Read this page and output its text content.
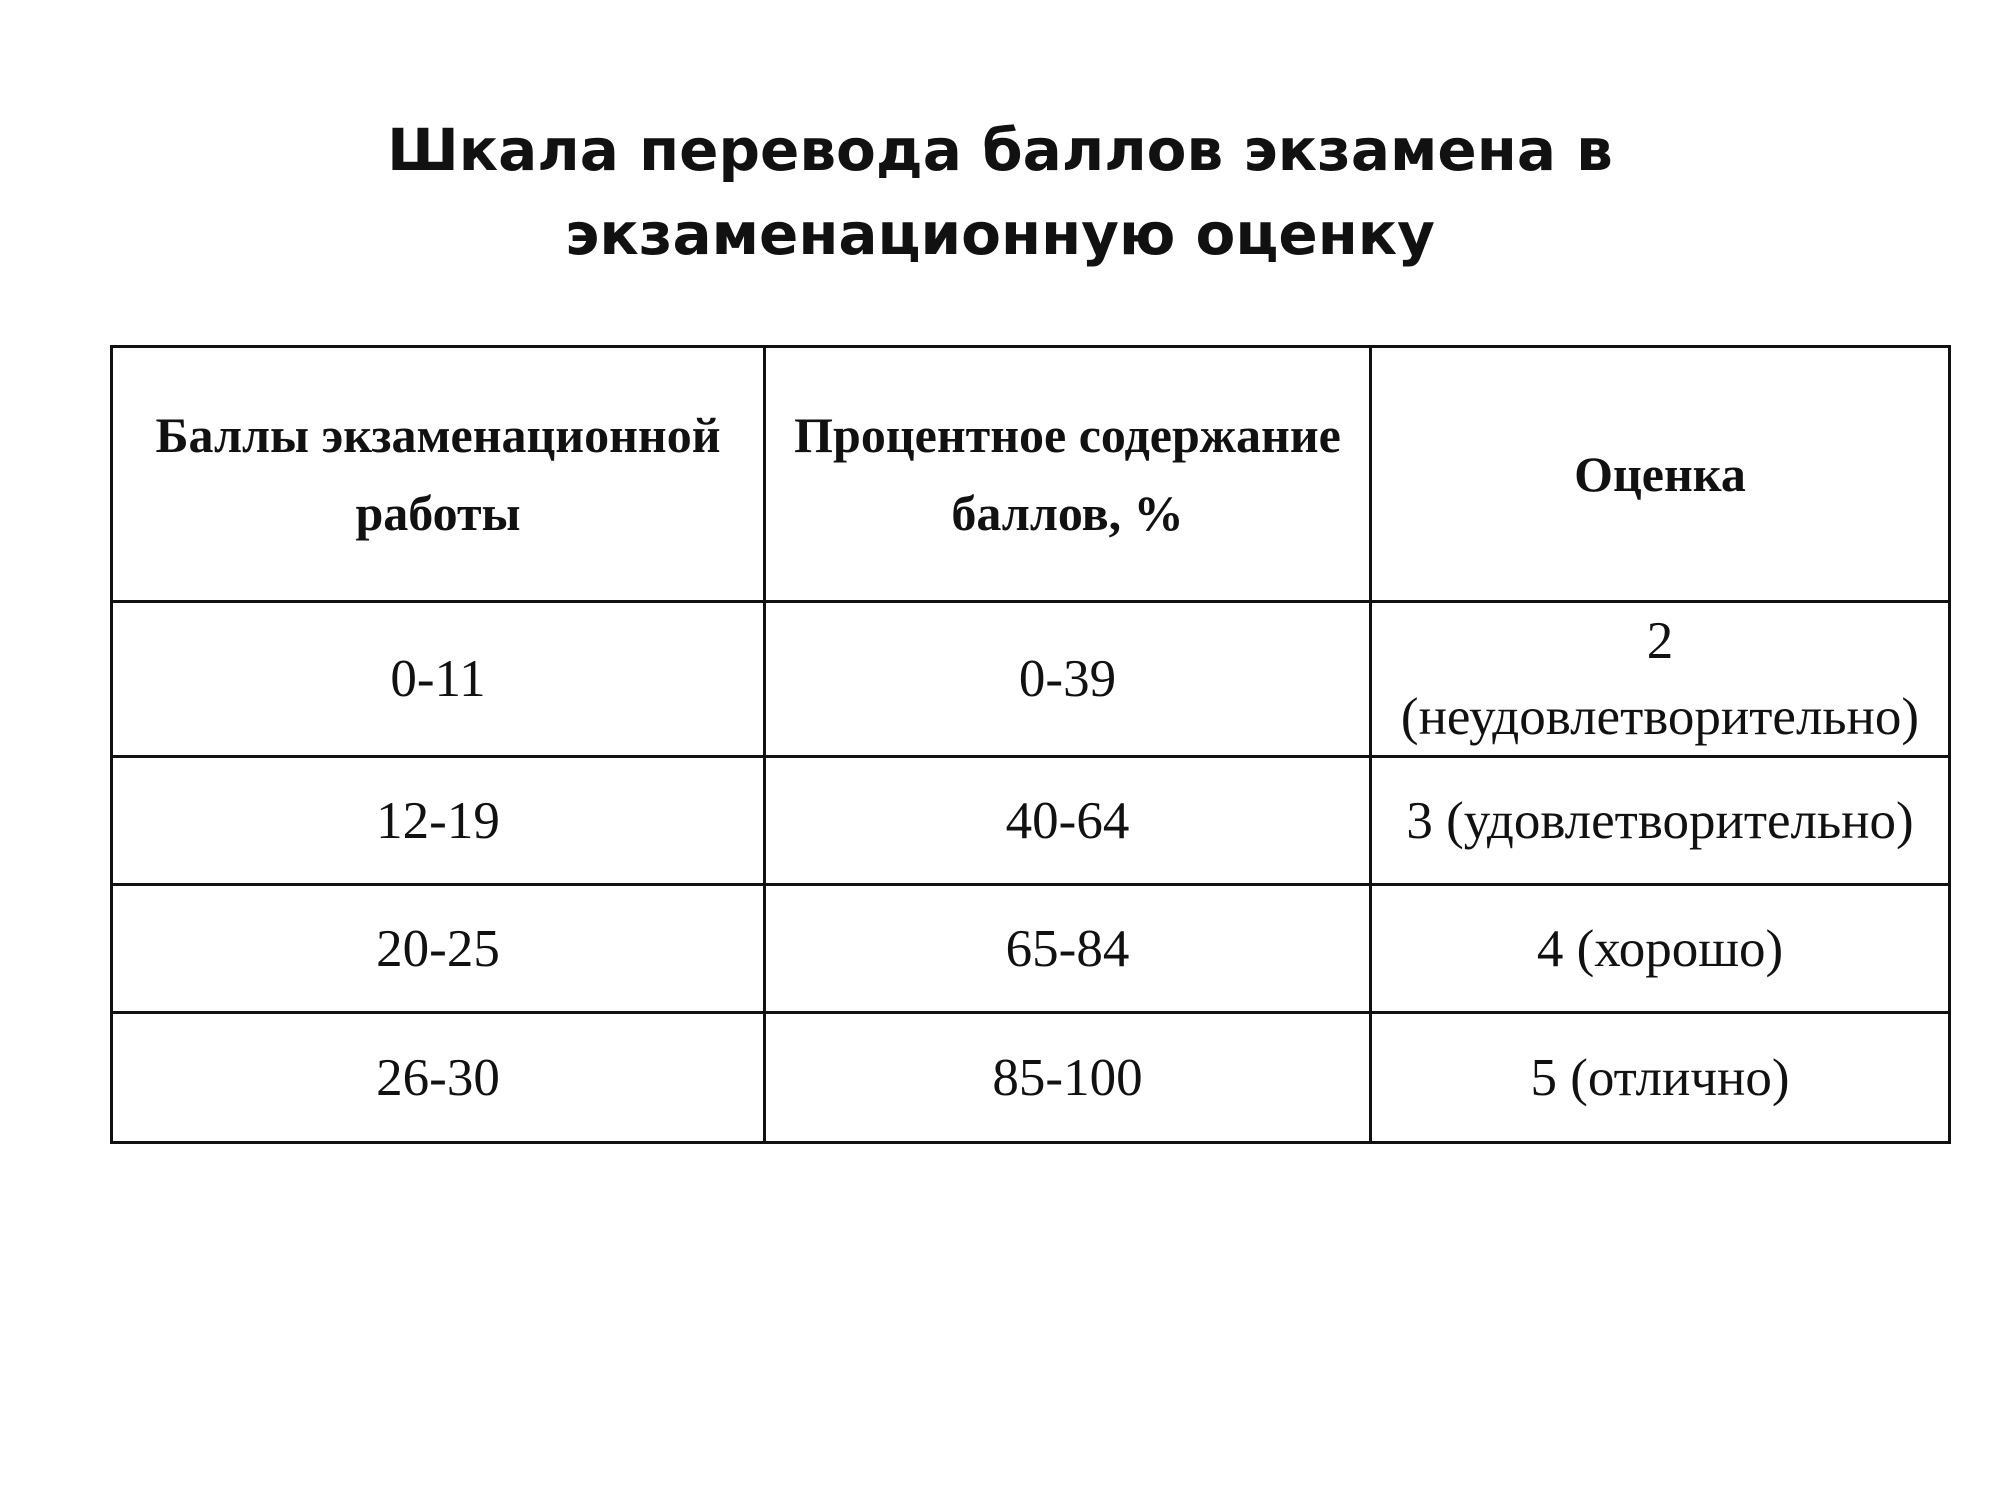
Шкала перевода баллов экзамена в экзаменационную оценку
Баллы экзаменационной работы	Процентное содержание баллов, %	Оценка
0-11	0-39	2 (неудовлетворительно)
12-19	40-64	3 (удовлетворительно)
20-25	65-84	4 (хорошо)
26-30	85-100	5 (отлично)
